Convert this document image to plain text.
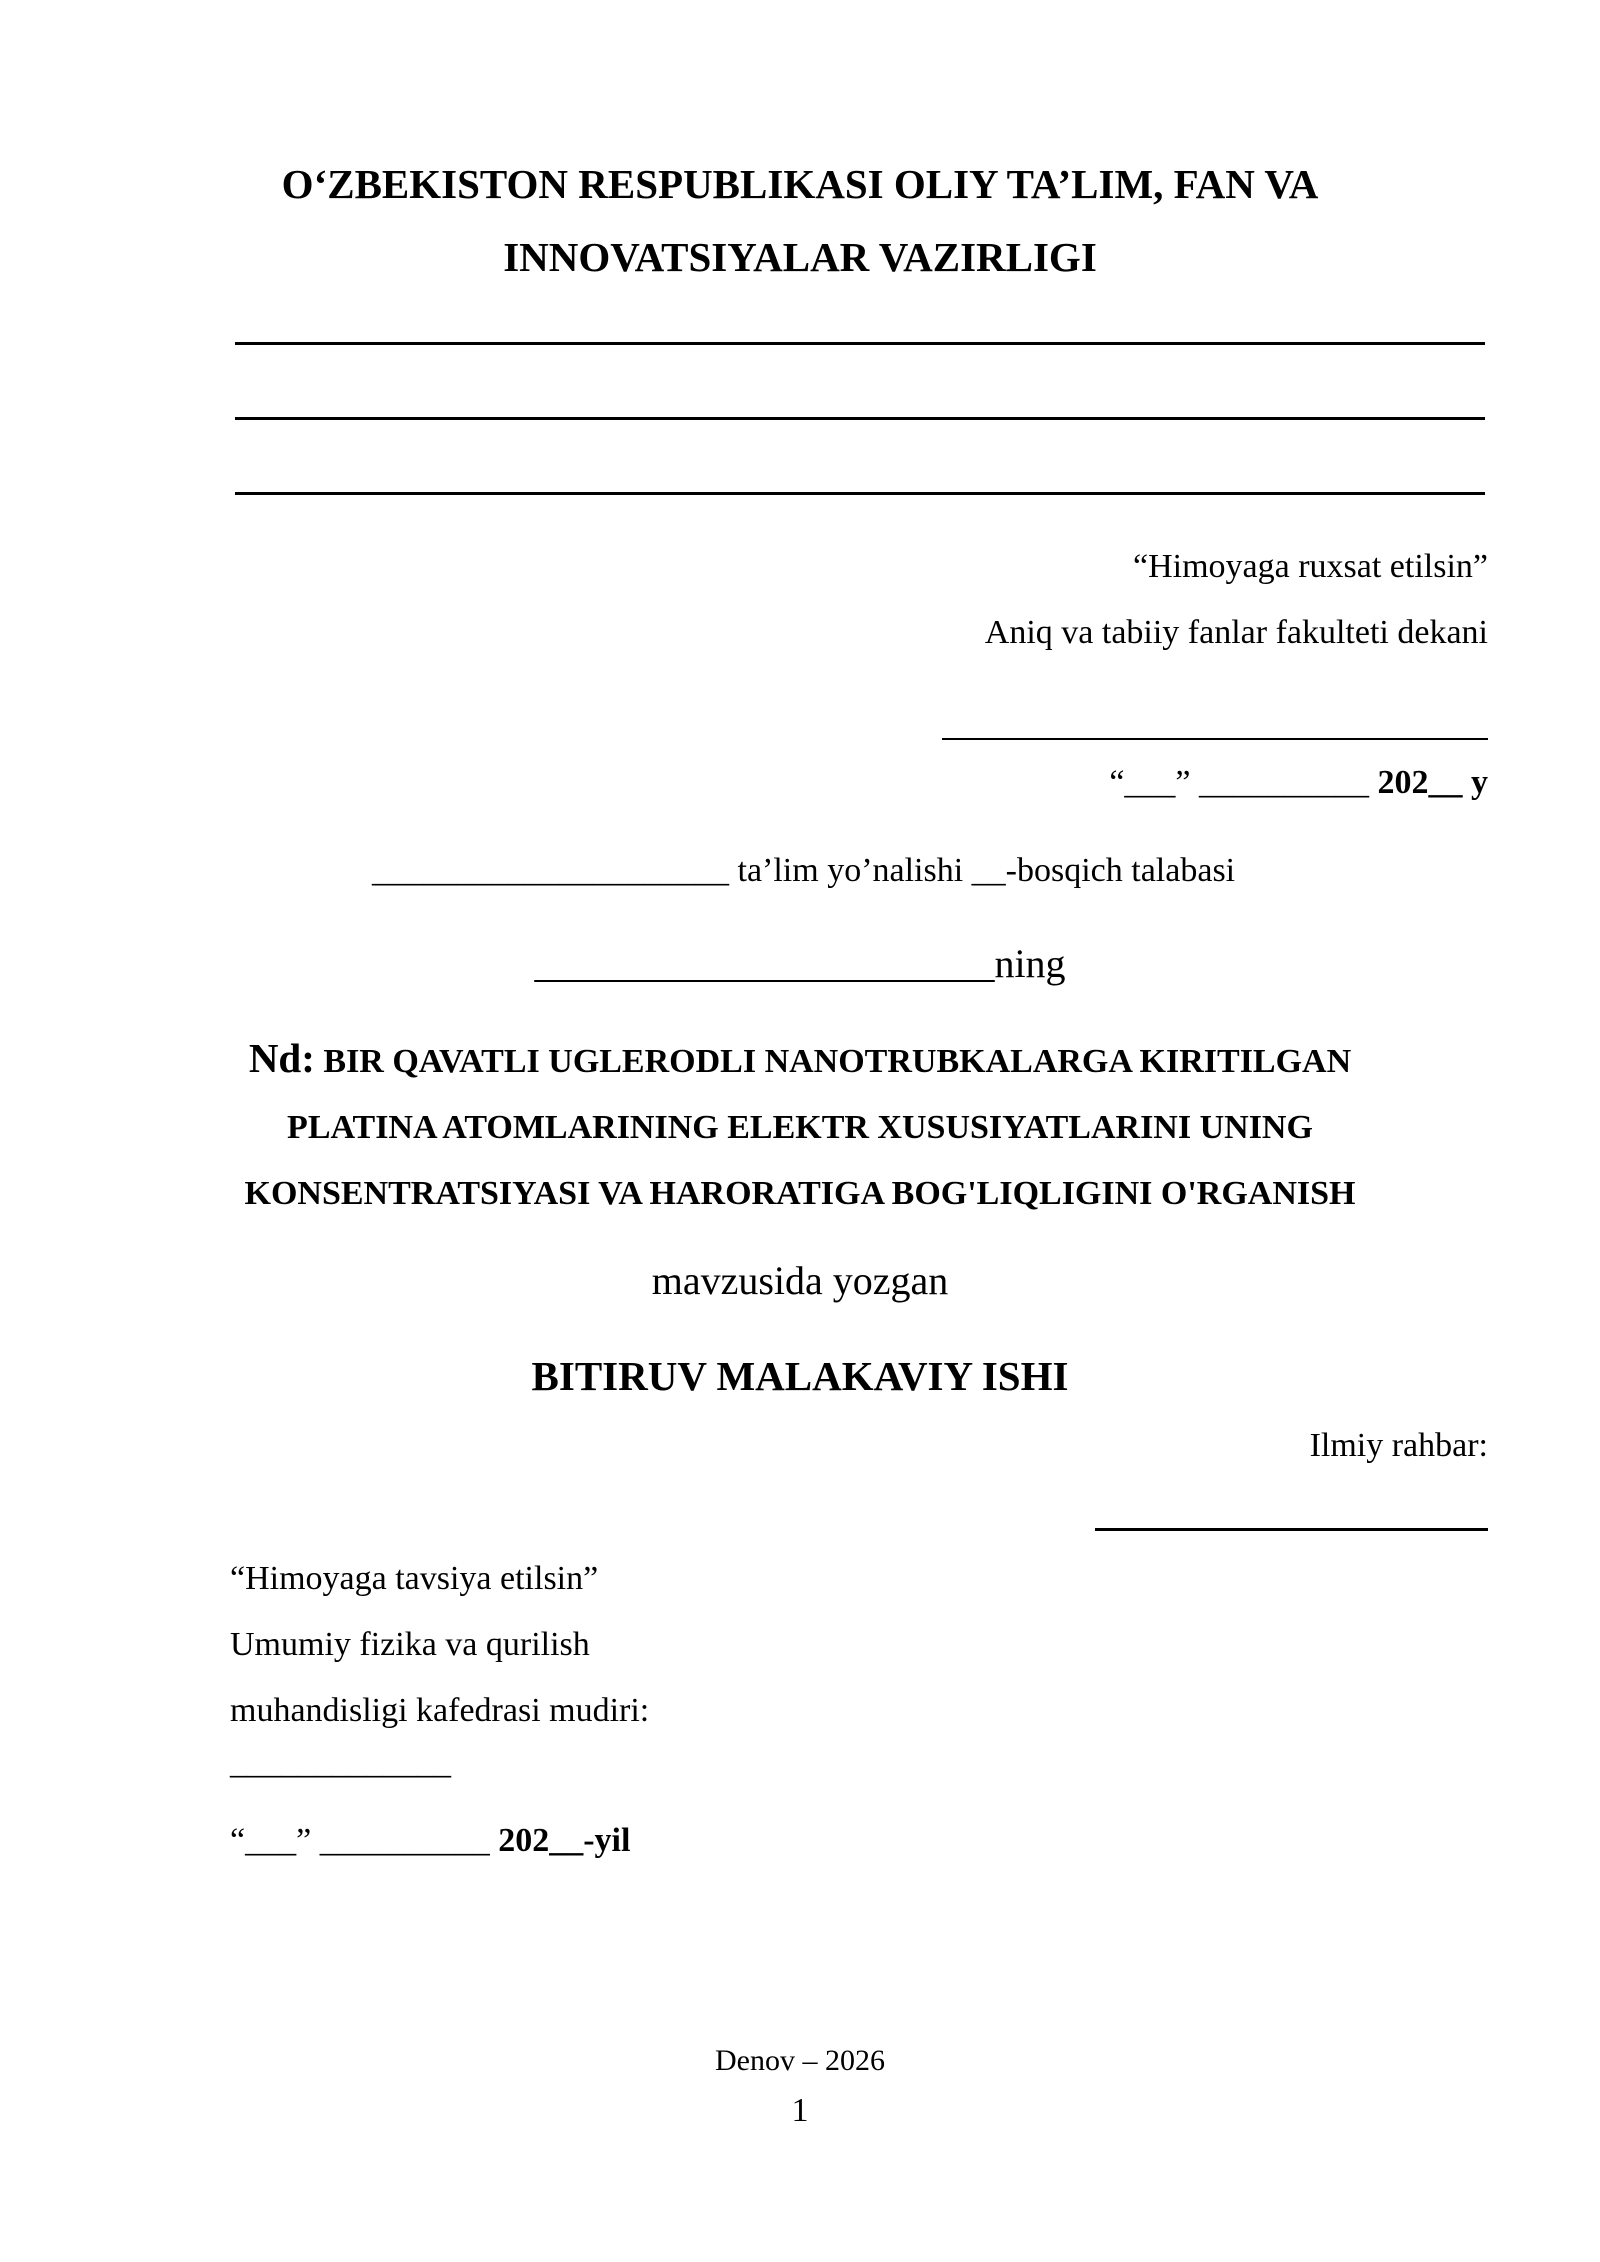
O‘ZBEKISTON RESPUBLIKASI OLIY TA’LIM, FAN VA
INNOVATSIYALAR VAZIRLIGI
“Himoyaga ruxsat etilsin”
Aniq va tabiiy fanlar fakulteti dekani
“___” __________ 202__ y
_____________________ ta’lim yo’nalishi __-bosqich talabasi
_______________________ning
Nd: BIR QAVATLI UGLERODLI NANOTRUBKALARGA KIRITILGAN
PLATINA ATOMLARINING ELEKTR XUSUSIYATLARINI UNING
KONSENTRATSIYASI VA HARORATIGA BOG'LIQLIGINI O'RGANISH
mavzusida yozgan
BITIRUV MALAKAVIY ISHI
Ilmiy rahbar:
“Himoyaga tavsiya etilsin”
Umumiy fizika va qurilish
muhandisligi kafedrasi mudiri:
_____________
“___” __________ 202__-yil
Denov – 2026
1
